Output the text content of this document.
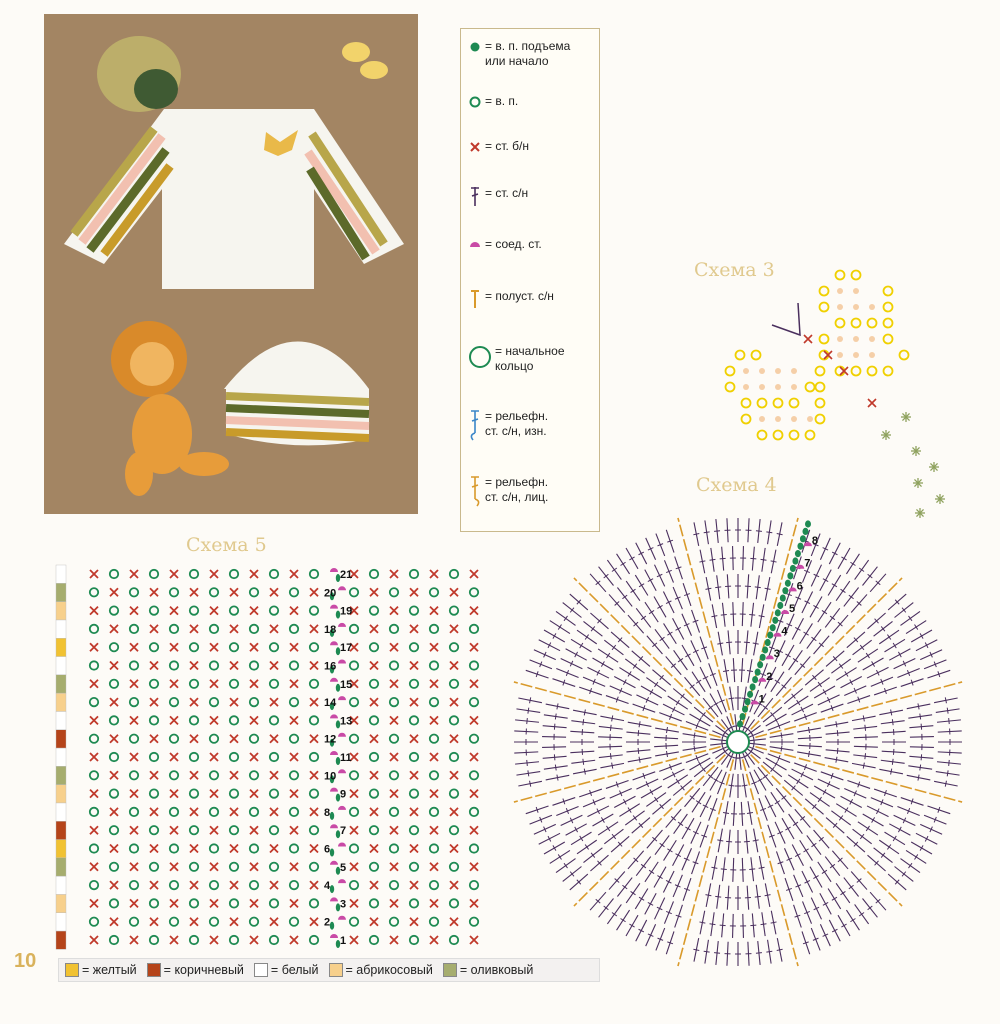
= в. п. подъема
или начало
= в. п.
= ст. б/н
= ст. с/н
= соед. ст.
= полуст. с/н
= начальное
кольцо
= рельефн.
ст. с/н, изн.
= рельефн.
ст. с/н, лиц.
Схема 3
Схема 4
1
2
3
4
5
6
7
8
Схема 5
1
2
3
4
5
6
7
8
9
10
11
12
13
14
15
16
17
18
19
20
21
10	= желтый = коричневый = белый = абрикосовый = оливковый
